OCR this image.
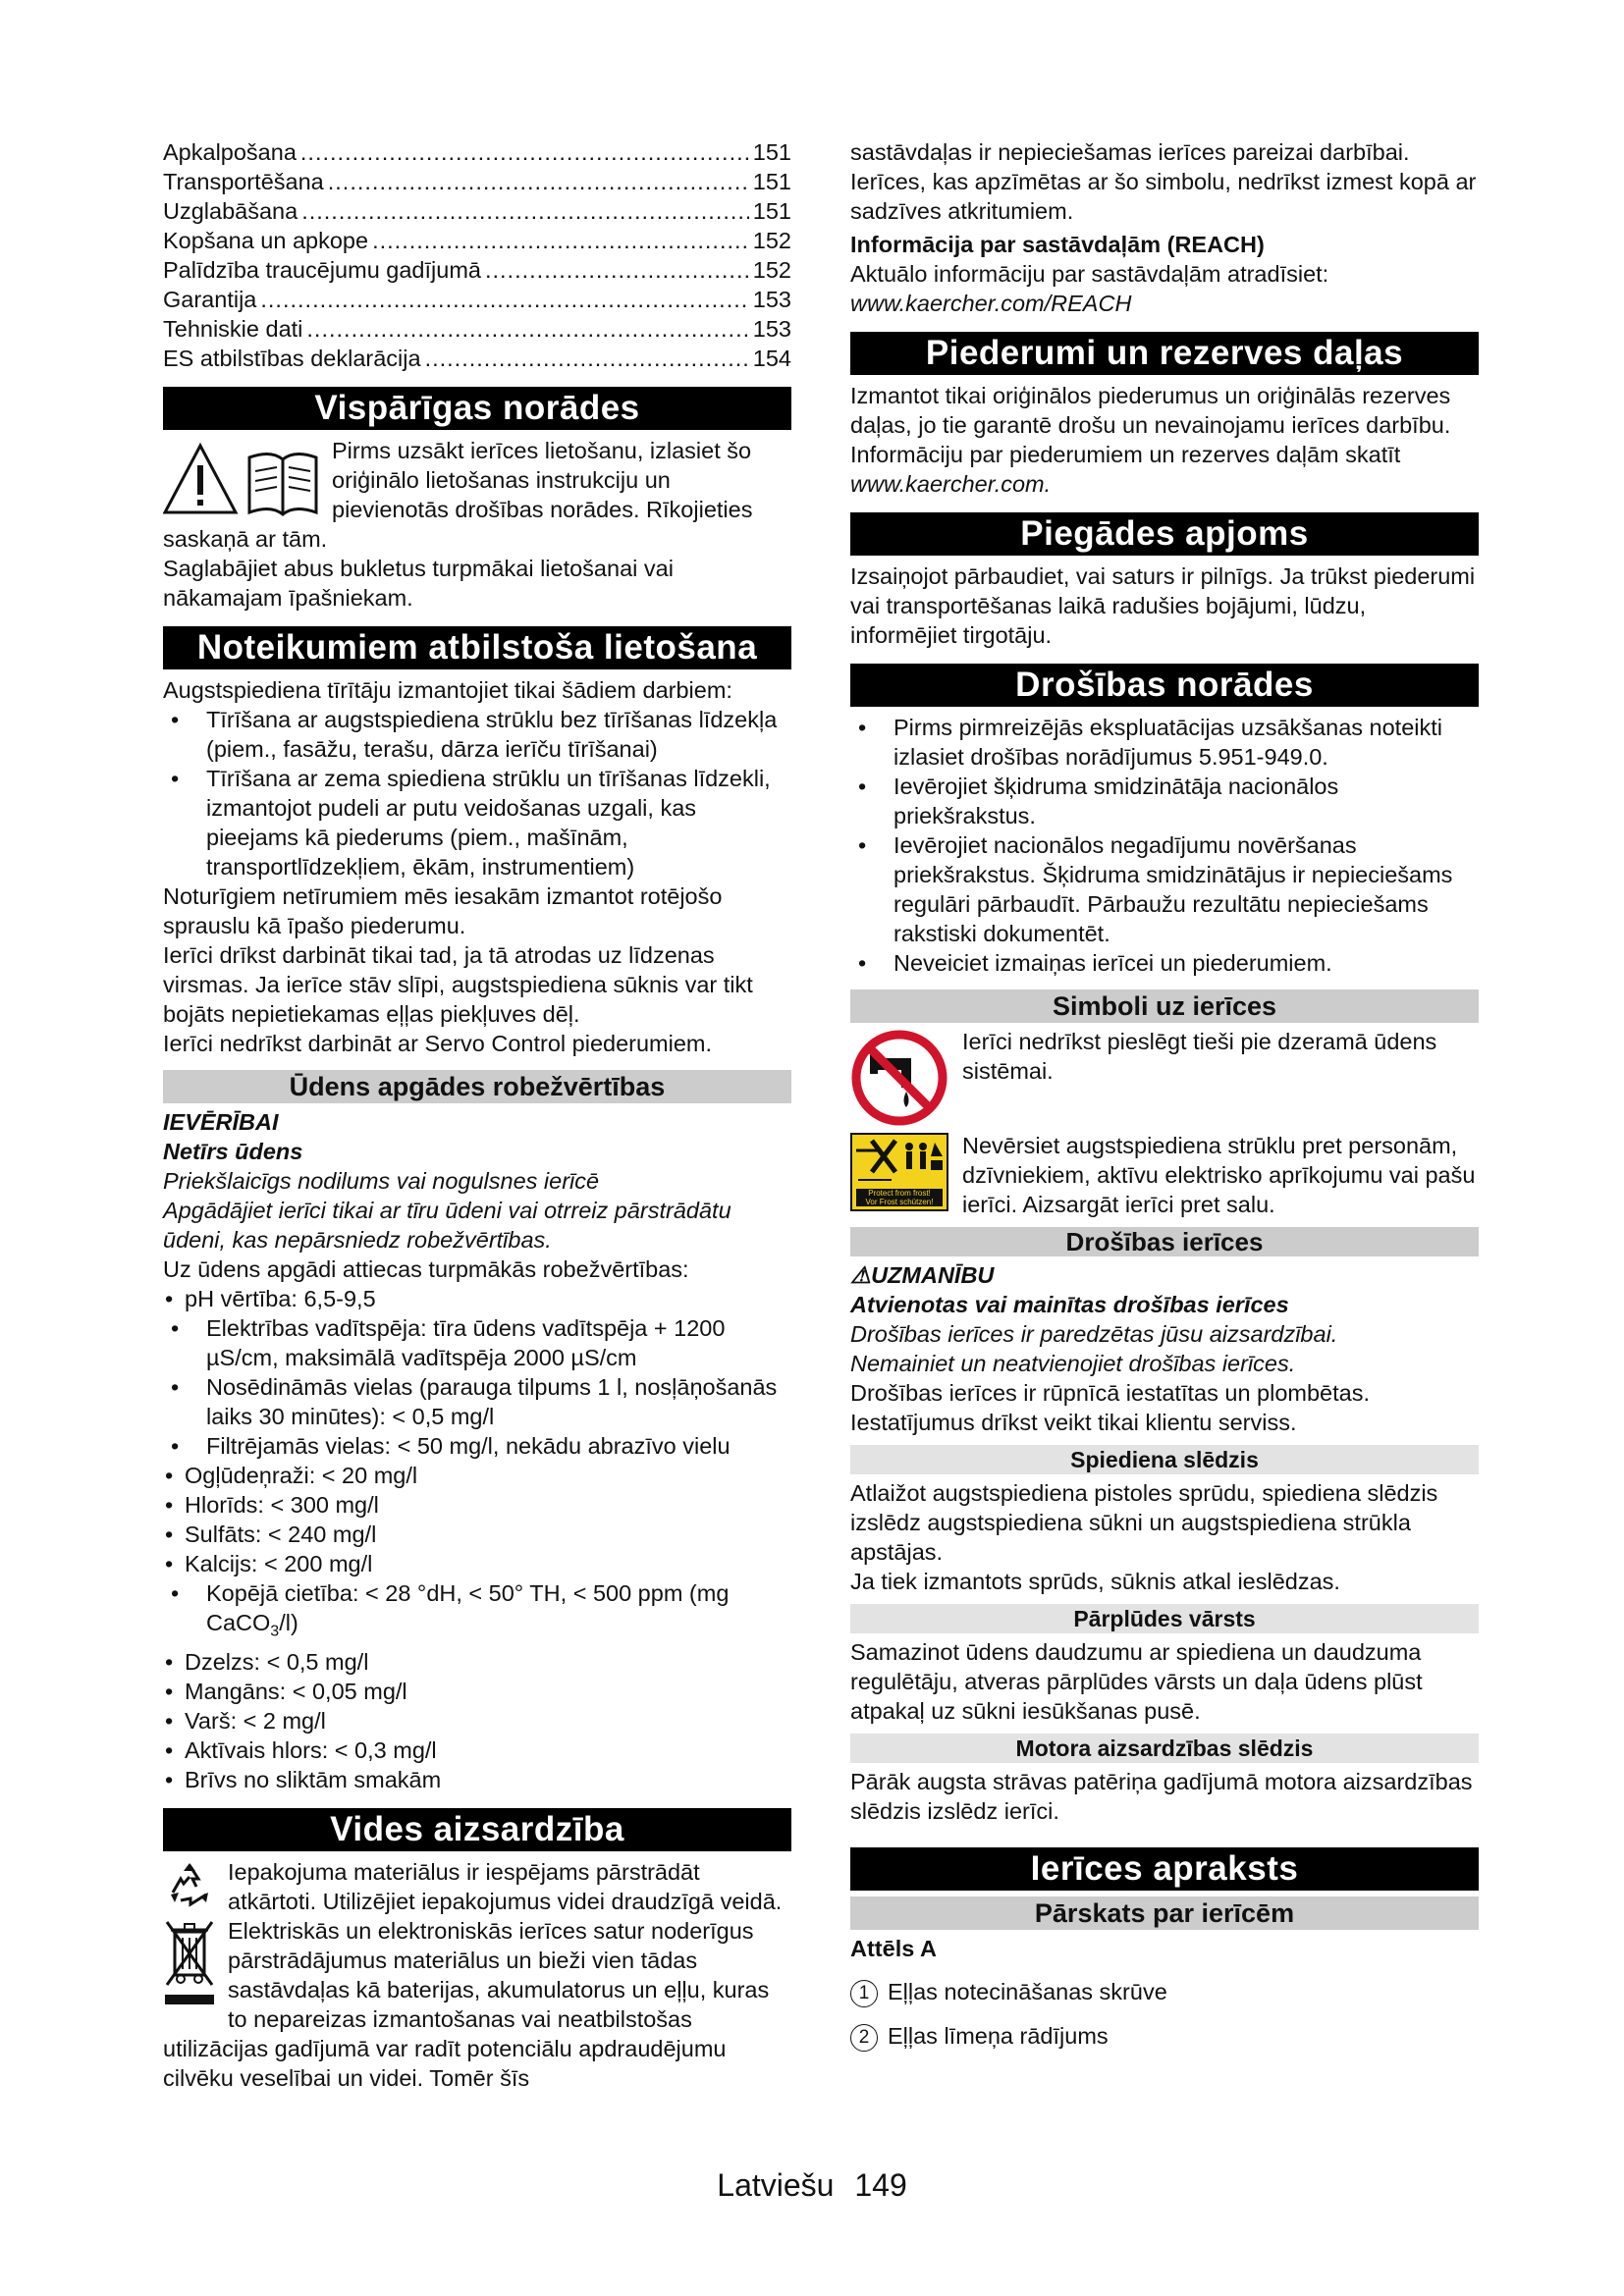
Apkalpošana .....	151
Transportēšana .....	151
Uzglabāšana .....	151
Kopšana un apkope .....	152
Palīdzība traucējumu gadījumā .....	152
Garantija .....	153
Tehniskie dati .....	153
ES atbilstības deklarācija .....	154
Vispārīgas norādes

Pirms uzsākt ierīces lietošanu, izlasiet šo oriģinālo lietošanas instrukciju un pievienotās drošības norādes. Rīkojieties saskaņā ar tām.

Saglabājiet abus bukletus turpmākai lietošanai vai nākamajam īpašniekam.

Noteikumiem atbilstoša lietošana

Augstspiediena tīrītāju izmantojiet tikai šādiem darbiem:

• Tīrīšana ar augstspiediena strūklu bez tīrīšanas līdzekļa (piem., fasāžu, terašu, dārza ierīču tīrīšanai)
• Tīrīšana ar zema spiediena strūklu un tīrīšanas līdzekli, izmantojot pudeli ar putu veidošanas uzgali, kas pieejams kā piederums (piem., mašīnām, transportlīdzekļiem, ēkām, instrumentiem)

Noturīgiem netīrumiem mēs iesakām izmantot rotējošo sprauslu kā īpašo piederumu.

Ierīci drīkst darbināt tikai tad, ja tā atrodas uz līdzenas virsmas. Ja ierīce stāv slīpi, augstspiediena sūknis var tikt bojāts nepietiekamas eļļas piekļuves dēļ.

Ierīci nedrīkst darbināt ar Servo Control piederumiem.

Ūdens apgādes robežvērtības

IEVĒRĪBAI

Netīrs ūdens

Priekšlaicīgs nodilums vai nogulsnes ierīcē

Apgādājiet ierīci tikai ar tīru ūdeni vai otrreiz pārstrādātu ūdeni, kas nepārsniedz robežvērtības.

Uz ūdens apgādi attiecas turpmākās robežvērtības:

• pH vērtība: 6,5-9,5
• Elektrības vadītspēja: tīra ūdens vadītspēja + 1200 µS/cm, maksimālā vadītspēja 2000 µS/cm
• Nosēdināmās vielas (parauga tilpums 1 l, nosļāņošanās laiks 30 minūtes): < 0,5 mg/l
• Filtrējamās vielas: < 50 mg/l, nekādu abrazīvo vielu
• Ogļūdeņraži: < 20 mg/l
• Hlorīds: < 300 mg/l
• Sulfāts: < 240 mg/l
• Kalcijs: < 200 mg/l
• Kopējā cietība: < 28 °dH, < 50° TH, < 500 ppm (mg CaCO$_3$/l)
• Dzelzs: < 0,5 mg/l
• Mangāns: < 0,05 mg/l
• Varš: < 2 mg/l
• Aktīvais hlors: < 0,3 mg/l
• Brīvs no sliktām smakām
Vides aizsardzība

Iepakojuma materiālus ir iespējams pārstrādāt atkārtoti. Utilizējiet iepakojumus videi draudzīgā veidā.

Elektriskās un elektroniskās ierīces satur noderīgus pārstrādājumus materiālus un bieži vien tādas sastāvdaļas kā baterijas, akumulatorus un eļļu, kuras to nepareizas izmantošanas vai neatbilstošas utilizācijas gadījumā var radīt potenciālu apdraudējumu cilvēku veselībai un videi. Tomēr šīs

sastāvdaļas ir nepieciešamas ierīces pareizai darbībai. Ierīces, kas apzīmētas ar šo simbolu, nedrīkst izmest kopā ar sadzīves atkritumiem.

Informācija par sastāvdaļām (REACH)

Aktuālo informāciju par sastāvdaļām atradīsiet:

www.kaercher.com/REACH

Piederumi un rezerves daļas

Izmantot tikai oriģinālos piederumus un oriģinālās rezerves daļas, jo tie garantē drošu un nevainojamu ierīces darbību.

Informāciju par piederumiem un rezerves daļām skatīt

www.kaercher.com.

Piegādes apjoms

Izsaiņojot pārbaudiet, vai saturs ir pilnīgs. Ja trūkst piederumi vai transportēšanas laikā radušies bojājumi, lūdzu, informējiet tirgotāju.

Drošības norādes
• Pirms pirmreizējās ekspluatācijas uzsākšanas noteikti izlasiet drošības norādījumus 5.951-949.0.
• Ievērojiet šķidruma smidzinātāja nacionālos priekšrakstus.
• Ievērojiet nacionālos negadījumu novēršanas priekšrakstus. Šķidruma smidzinātājus ir nepieciešams regulāri pārbaudīt. Pārbaužu rezultātu nepieciešams rakstiski dokumentēt.
• Neveiciet izmaiņas ierīcei un piederumiem.
Simboli uz ierīces

Ierīci nedrīkst pieslēgt tieši pie dzeramā ūdens sistēmai.

Protect from frost!
Vor Frost schützen!

Nevērsiet augstspiediena strūklu pret personām, dzīvniekiem, aktīvu elektrisko aprīkojumu vai pašu ierīci. Aizsargāt ierīci pret salu.

Drošības ierīces

⚠UZMANĪBU

Atvienotas vai mainītas drošības ierīces

Drošības ierīces ir paredzētas jūsu aizsardzībai.

Nemainiet un neatvienojiet drošības ierīces.

Drošības ierīces ir rūpnīcā iestatītas un plombētas. Iestatījumus drīkst veikt tikai klientu serviss.

Spiediena slēdzis

Atlaižot augstspiediena pistoles sprūdu, spiediena slēdzis izslēdz augstspiediena sūkni un augstspiediena strūkla apstājas.

Ja tiek izmantots sprūds, sūknis atkal ieslēdzas.

Pārplūdes vārsts

Samazinot ūdens daudzumu ar spiediena un daudzuma regulētāju, atveras pārplūdes vārsts un daļa ūdens plūst atpakaļ uz sūkni iesūkšanas pusē.

Motora aizsardzības slēdzis

Pārāk augsta strāvas patēriņa gadījumā motora aizsardzības slēdzis izslēdz ierīci.

Ierīces apraksts
Pārskats par ierīcēm

Attēls A

1 Eļļas notecināšanas skrūve
2 Eļļas līmeņa rādījums
Latviešu 149
